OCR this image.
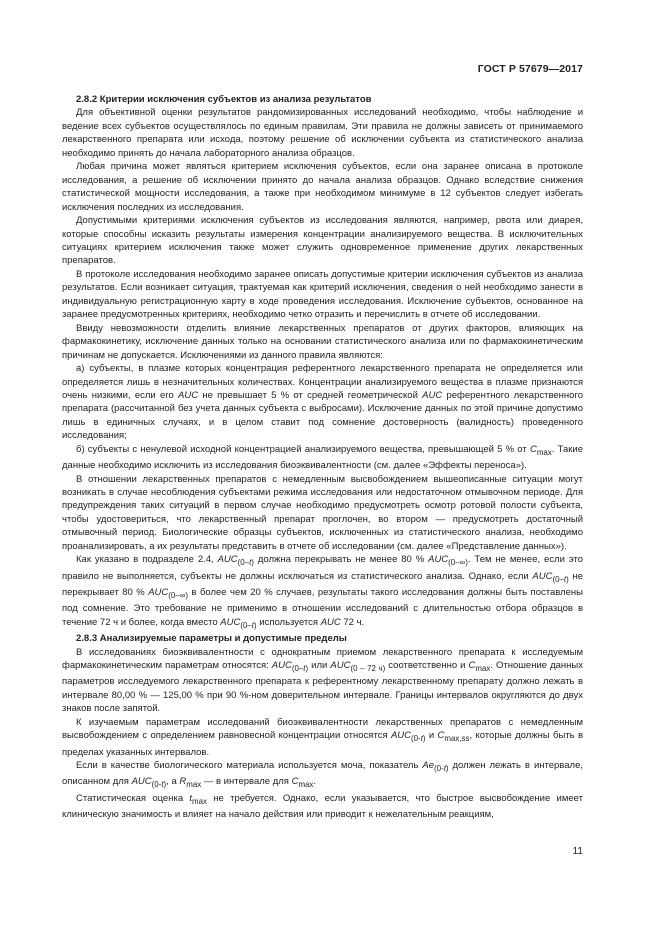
ГОСТ Р 57679—2017
2.8.2 Критерии исключения субъектов из анализа результатов

Для объективной оценки результатов рандомизированных исследований необходимо, чтобы наблюдение и ведение всех субъектов осуществлялось по единым правилам. Эти правила не должны зависеть от принимаемого лекарственного препарата или исхода, поэтому решение об исключении субъекта из статистического анализа необходимо принять до начала лабораторного анализа образцов.

Любая причина может являться критерием исключения субъектов, если она заранее описана в протоколе исследования, а решение об исключении принято до начала анализа образцов. Однако вследствие снижения статистической мощности исследования, а также при необходимом минимуме в 12 субъектов следует избегать исключения последних из исследования.

Допустимыми критериями исключения субъектов из исследования являются, например, рвота или диарея, которые способны исказить результаты измерения концентрации анализируемого вещества. В исключительных ситуациях критерием исключения также может служить одновременное применение других лекарственных препаратов.

В протоколе исследования необходимо заранее описать допустимые критерии исключения субъектов из анализа результатов. Если возникает ситуация, трактуемая как критерий исключения, сведения о ней необходимо занести в индивидуальную регистрационную карту в ходе проведения исследования. Исключение субъектов, основанное на заранее предусмотренных критериях, необходимо четко отразить и перечислить в отчете об исследовании.

Ввиду невозможности отделить влияние лекарственных препаратов от других факторов, влияющих на фармакокинетику, исключение данных только на основании статистического анализа или по фармакокинетическим причинам не допускается. Исключениями из данного правила являются:

а) субъекты, в плазме которых концентрация референтного лекарственного препарата не определяется или определяется лишь в незначительных количествах. Концентрации анализируемого вещества в плазме признаются очень низкими, если его AUC не превышает 5 % от средней геометрической AUC референтного лекарственного препарата (рассчитанной без учета данных субъекта с выбросами). Исключение данных по этой причине допустимо лишь в единичных случаях, и в целом ставит под сомнение достоверность (валидность) проведенного исследования;

б) субъекты с ненулевой исходной концентрацией анализируемого вещества, превышающей 5 % от $C_{max}$. Такие данные необходимо исключить из исследования биоэквивалентности (см. далее «Эффекты переноса»).

В отношении лекарственных препаратов с немедленным высвобождением вышеописанные ситуации могут возникать в случае несоблюдения субъектами режима исследования или недостаточном отмывочном периоде. Для предупреждения таких ситуаций в первом случае необходимо предусмотреть осмотр ротовой полости субъекта, чтобы удостовериться, что лекарственный препарат проглочен, во втором — предусмотреть достаточный отмывочный период. Биологические образцы субъектов, исключенных из статистического анализа, необходимо проанализировать, а их результаты представить в отчете об исследовании (см. далее «Представление данных»).

Как указано в подразделе 2.4, $AUC_{(0-t)}$ должна перекрывать не менее 80 % $AUC_{(0-\infty)}$. Тем не менее, если это правило не выполняется, субъекты не должны исключаться из статистического анализа. Однако, если $AUC_{(0-t)}$ не перекрывает 80 % $AUC_{(0-\infty)}$ в более чем 20 % случаев, результаты такого исследования должны быть поставлены под сомнение. Это требование не применимо в отношении исследований с длительностью отбора образцов в течение 72 ч и более, когда вместо $AUC_{(0-t)}$ используется AUC 72 ч.

2.8.3 Анализируемые параметры и допустимые пределы

В исследованиях биоэквивалентности с однократным приемом лекарственного препарата к исследуемым фармакокинетическим параметрам относятся: $AUC_{(0-t)}$ или $AUC_{(0 - 72 ч)}$ соответственно и $C_{max}$. Отношение данных параметров исследуемого лекарственного препарата к референтному лекарственному препарату должно лежать в интервале 80,00 % — 125,00 % при 90 %-ном доверительном интервале. Границы интервалов округляются до двух знаков после запятой.

К изучаемым параметрам исследований биоэквивалентности лекарственных препаратов с немедленным высвобождением с определением равновесной концентрации относятся $AUC_{(0-t)}$ и $C_{max,ss}$, которые должны быть в пределах указанных интервалов.

Если в качестве биологического материала используется моча, показатель $Ae_{(0-t)}$ должен лежать в интервале, описанном для $AUC_{(0-t)}$, а $R_{max}$ — в интервале для $C_{max}$.

Статистическая оценка $t_{max}$ не требуется. Однако, если указывается, что быстрое высвобождение имеет клиническую значимость и влияет на начало действия или приводит к нежелательным реакциям,

11
